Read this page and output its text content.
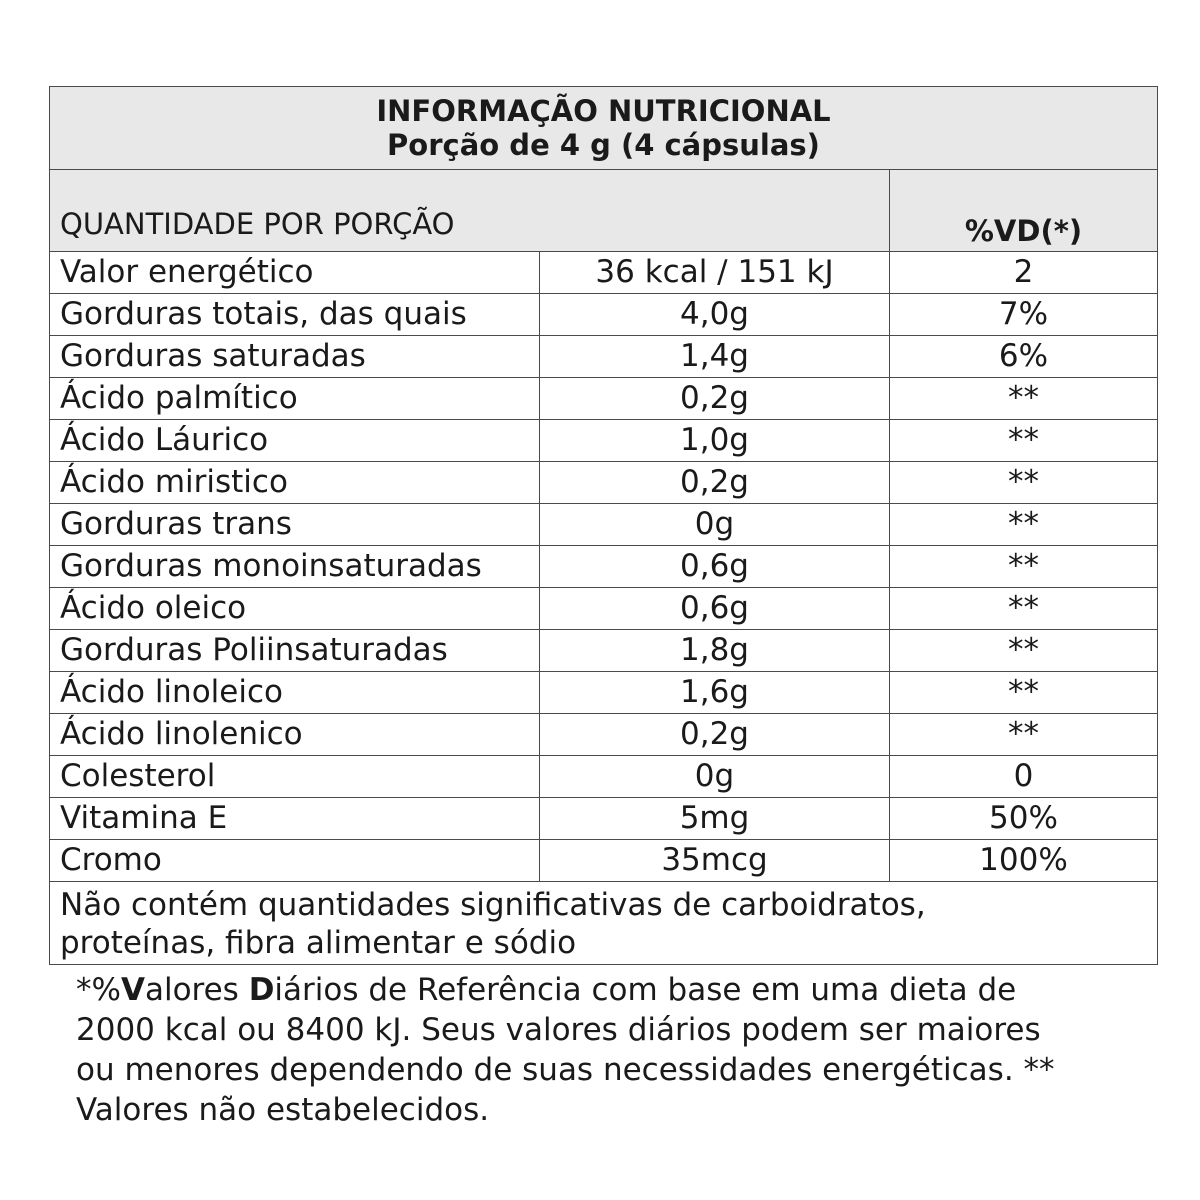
INFORMAÇÃO NUTRICIONAL
Porção de 4 g (4 cápsulas)
QUANTIDADE POR PORÇÃO	%VD(*)
Valor energético	36 kcal / 151 kJ	2
Gorduras totais, das quais	4,0g	7%
Gorduras saturadas	1,4g	6%
Ácido palmítico	0,2g	**
Ácido Láurico	1,0g	**
Ácido miristico	0,2g	**
Gorduras trans	0g	**
Gorduras monoinsaturadas	0,6g	**
Ácido oleico	0,6g	**
Gorduras Poliinsaturadas	1,8g	**
Ácido linoleico	1,6g	**
Ácido linolenico	0,2g	**
Colesterol	0g	0
Vitamina E	5mg	50%
Cromo	35mcg	100%
Não contém quantidades significativas de carboidratos,
proteínas, fibra alimentar e sódio
*%Valores Diários de Referência com base em uma dieta de
2000 kcal ou 8400 kJ. Seus valores diários podem ser maiores
ou menores dependendo de suas necessidades energéticas. **
Valores não estabelecidos.
